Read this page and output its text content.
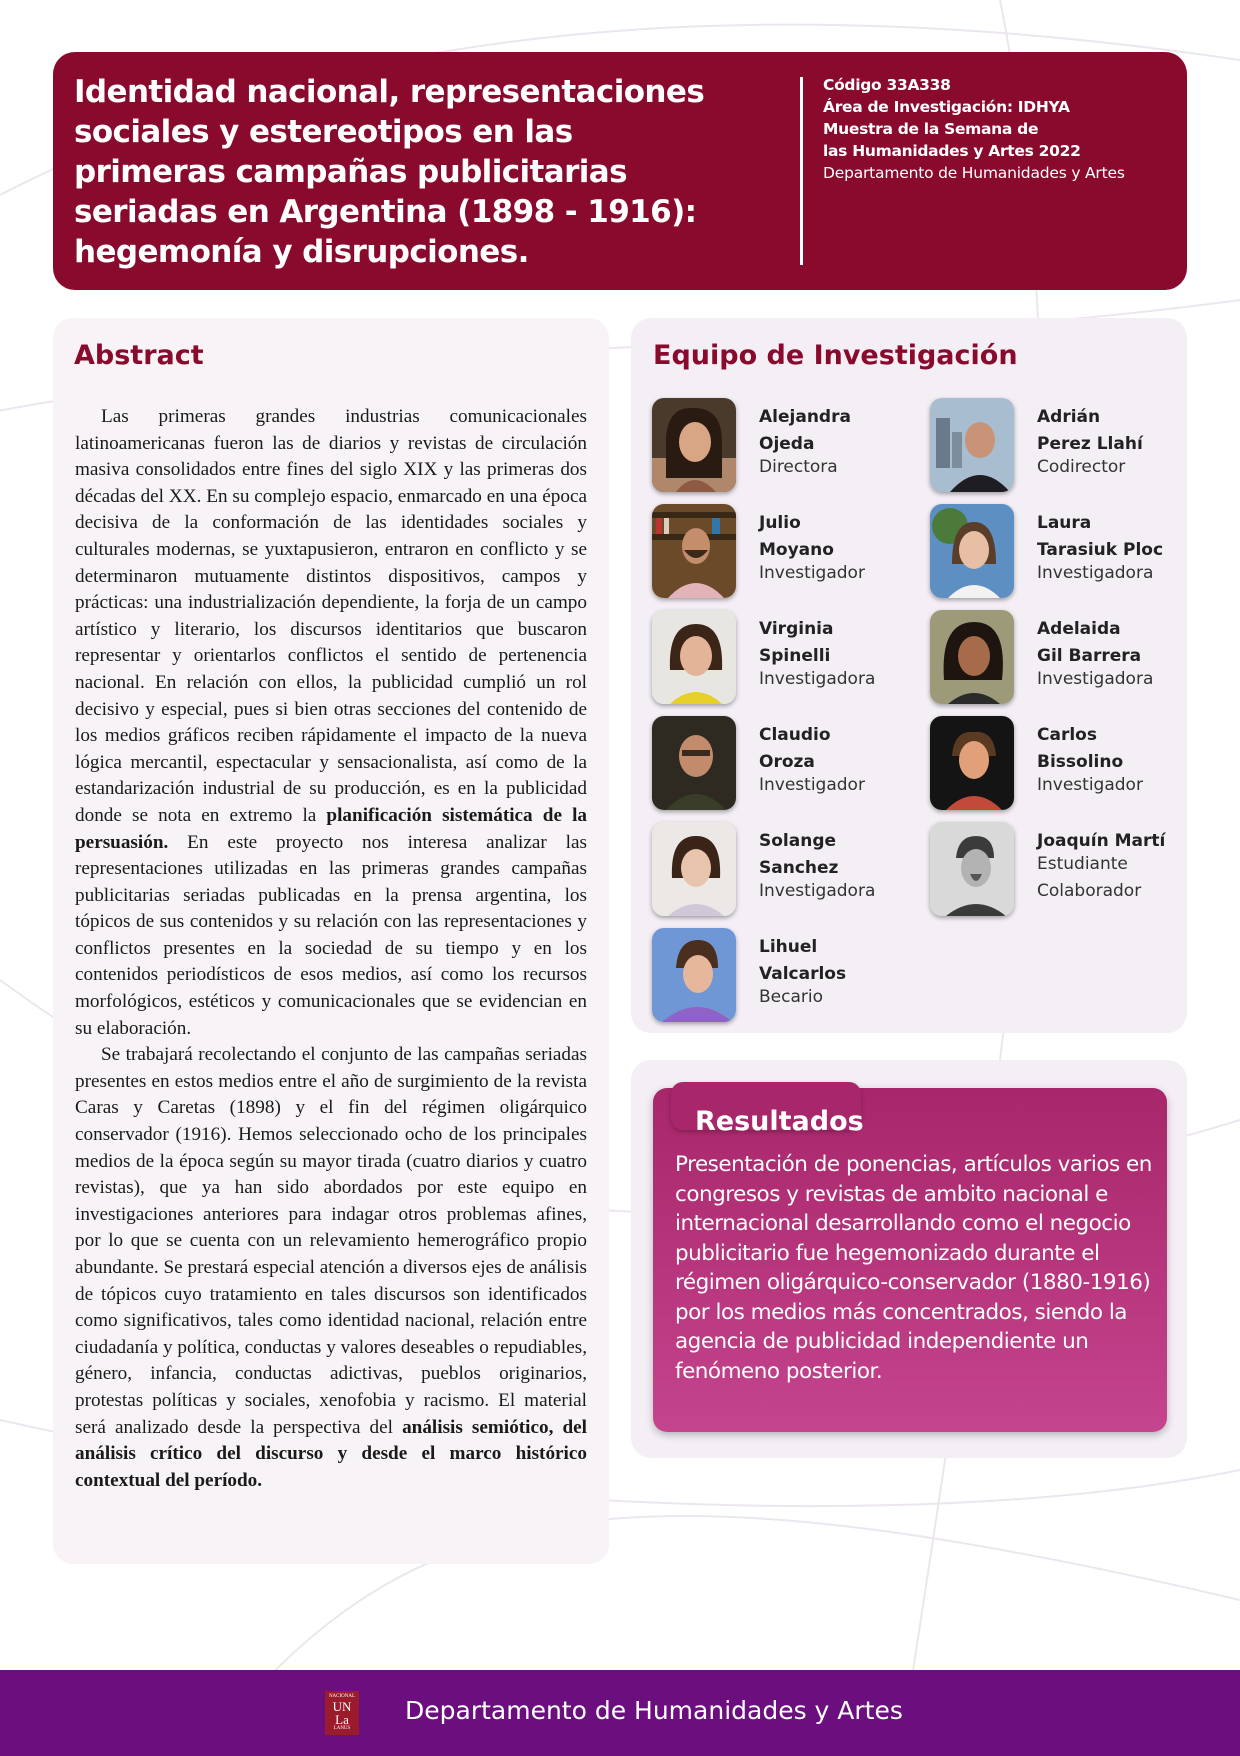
Identidad nacional, representaciones sociales y estereotipos en las primeras campañas publicitarias seriadas en Argentina (1898 - 1916): hegemonía y disrupciones.
Código 33A338
Área de Investigación: IDHYA
Muestra de la Semana de
las Humanidades y Artes 2022
Departamento de Humanidades y Artes
Abstract

Las primeras grandes industrias comunicacionales latinoamericanas fueron las de diarios y revistas de circulación masiva consolidados entre fines del siglo XIX y las primeras dos décadas del XX. En su complejo espacio, enmarcado en una época decisiva de la conformación de las identidades sociales y culturales modernas, se yuxtapusieron, entraron en conflicto y se determinaron mutuamente distintos dispositivos, campos y prácticas: una industrialización dependiente, la forja de un campo artístico y literario, los discursos identitarios que buscaron representar y orientarlos conflictos el sentido de pertenencia nacional. En relación con ellos, la publicidad cumplió un rol decisivo y especial, pues si bien otras secciones del contenido de los medios gráficos reciben rápidamente el impacto de la nueva lógica mercantil, espectacular y sensacionalista, así como de la estandarización industrial de su producción, es en la publicidad donde se nota en extremo la planificación sistemática de la persuasión. En este proyecto nos interesa analizar las representaciones utilizadas en las primeras grandes campañas publicitarias seriadas publicadas en la prensa argentina, los tópicos de sus contenidos y su relación con las representaciones y conflictos presentes en la sociedad de su tiempo y en los contenidos periodísticos de esos medios, así como los recursos morfológicos, estéticos y comunicacionales que se evidencian en su elaboración.

Se trabajará recolectando el conjunto de las campañas seriadas presentes en estos medios entre el año de surgimiento de la revista Caras y Caretas (1898) y el fin del régimen oligárquico conservador (1916). Hemos seleccionado ocho de los principales medios de la época según su mayor tirada (cuatro diarios y cuatro revistas), que ya han sido abordados por este equipo en investigaciones anteriores para indagar otros problemas afines, por lo que se cuenta con un relevamiento hemerográfico propio abundante. Se prestará especial atención a diversos ejes de análisis de tópicos cuyo tratamiento en tales discursos son identificados como significativos, tales como identidad nacional, relación entre ciudadanía y política, conductas y valores deseables o repudiables, género, infancia, conductas adictivas, pueblos originarios, protestas políticas y sociales, xenofobia y racismo. El material será analizado desde la perspectiva del análisis semiótico, del análisis crítico del discurso y desde el marco histórico contextual del período.

Equipo de Investigación
Alejandra
Ojeda
Directora
Adrián
Perez Llahí
Codirector
Julio
Moyano
Investigador
Laura
Tarasiuk Ploc
Investigadora
Virginia
Spinelli
Investigadora
Adelaida
Gil Barrera
Investigadora
Claudio
Oroza
Investigador
Carlos
Bissolino
Investigador
Solange
Sanchez
Investigadora
Joaquín Martí
Estudiante
Colaborador
Lihuel
Valcarlos
Becario
Resultados
Presentación de ponencias, artículos varios en congresos y revistas de ambito nacional e internacional desarrollando como el negocio publicitario fue hegemonizado durante el régimen oligárquico-conservador (1880-1916) por los medios más concentrados, siendo la agencia de publicidad independiente un fenómeno posterior.
NACIONAL
UN
La
LANÚS
Departamento de Humanidades y Artes
